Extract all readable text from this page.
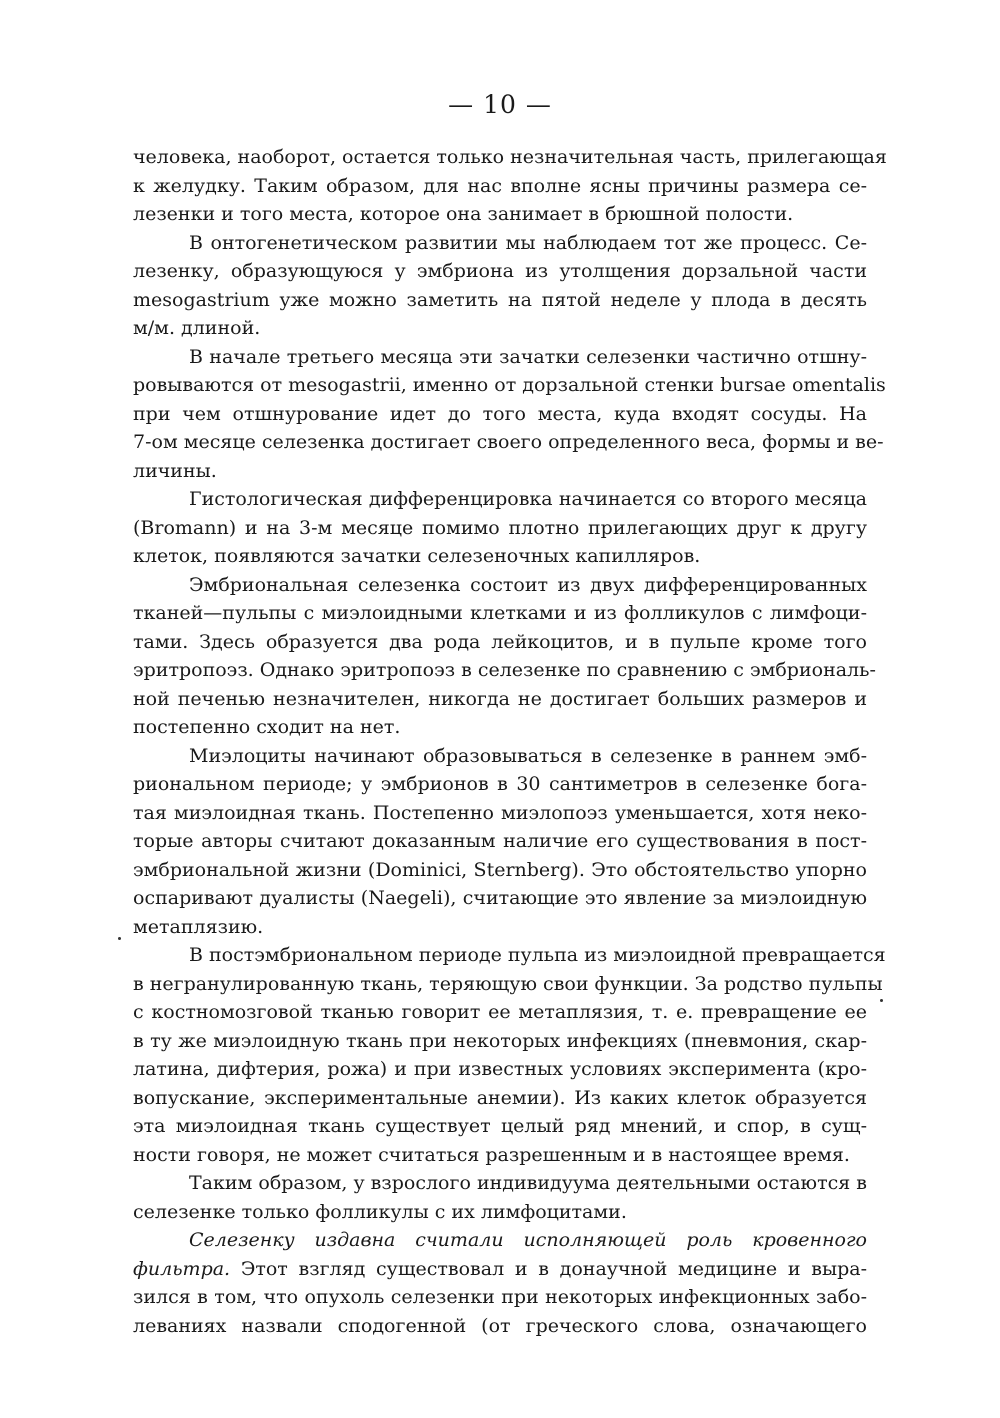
— 10 —
человека, наоборот, остается только незначительная часть, прилегающая
к желудку. Таким образом, для нас вполне ясны причины размера се-
лезенки и того места, которое она занимает в брюшной полости.
В онтогенетическом развитии мы наблюдаем тот же процесс. Се-
лезенку, образующуюся у эмбриона из утолщения дорзальной части
mesogastrium уже можно заметить на пятой неделе у плода в десять
м/м. длиной.
В начале третьего месяца эти зачатки селезенки частично отшну-
ровываются от mesogastrii, именно от дорзальной стенки bursae omentalis
при чем отшнурование идет до того места, куда входят сосуды. На
7-ом месяце селезенка достигает своего определенного веса, формы и ве-
личины.
Гистологическая дифференцировка начинается со второго месяца
(Bromann) и на 3-м месяце помимо плотно прилегающих друг к другу
клеток, появляются зачатки селезеночных капилляров.
Эмбриональная селезенка состоит из двух дифференцированных
тканей—пульпы с миэлоидными клетками и из фолликулов с лимфоци-
тами. Здесь образуется два рода лейкоцитов, и в пульпе кроме того
эритропоэз. Однако эритропоэз в селезенке по сравнению с эмбриональ-
ной печенью незначителен, никогда не достигает больших размеров и
постепенно сходит на нет.
Миэлоциты начинают образовываться в селезенке в раннем эмб-
риональном периоде; у эмбрионов в 30 сантиметров в селезенке бога-
тая миэлоидная ткань. Постепенно миэлопоэз уменьшается, хотя неко-
торые авторы считают доказанным наличие его существования в пост-
эмбриональной жизни (Dominici, Sternberg). Это обстоятельство упорно
оспаривают дуалисты (Naegeli), считающие это явление за миэлоидную
метаплязию.
В постэмбриональном периоде пульпа из миэлоидной превращается
в негранулированную ткань, теряющую свои функции. За родство пульпы
с костномозговой тканью говорит ее метаплязия, т. е. превращение ее
в ту же миэлоидную ткань при некоторых инфекциях (пневмония, скар-
латина, дифтерия, рожа) и при известных условиях эксперимента (кро-
вопускание, экспериментальные анемии). Из каких клеток образуется
эта миэлоидная ткань существует целый ряд мнений, и спор, в сущ-
ности говоря, не может считаться разрешенным и в настоящее время.
Таким образом, у взрослого индивидуума деятельными остаются в
селезенке только фолликулы с их лимфоцитами.
Селезенку издавна считали исполняющей роль кровенного
фильтра. Этот взгляд существовал и в донаучной медицине и выра-
зился в том, что опухоль селезенки при некоторых инфекционных забо-
леваниях назвали сподогенной (от греческого слова, означающего
